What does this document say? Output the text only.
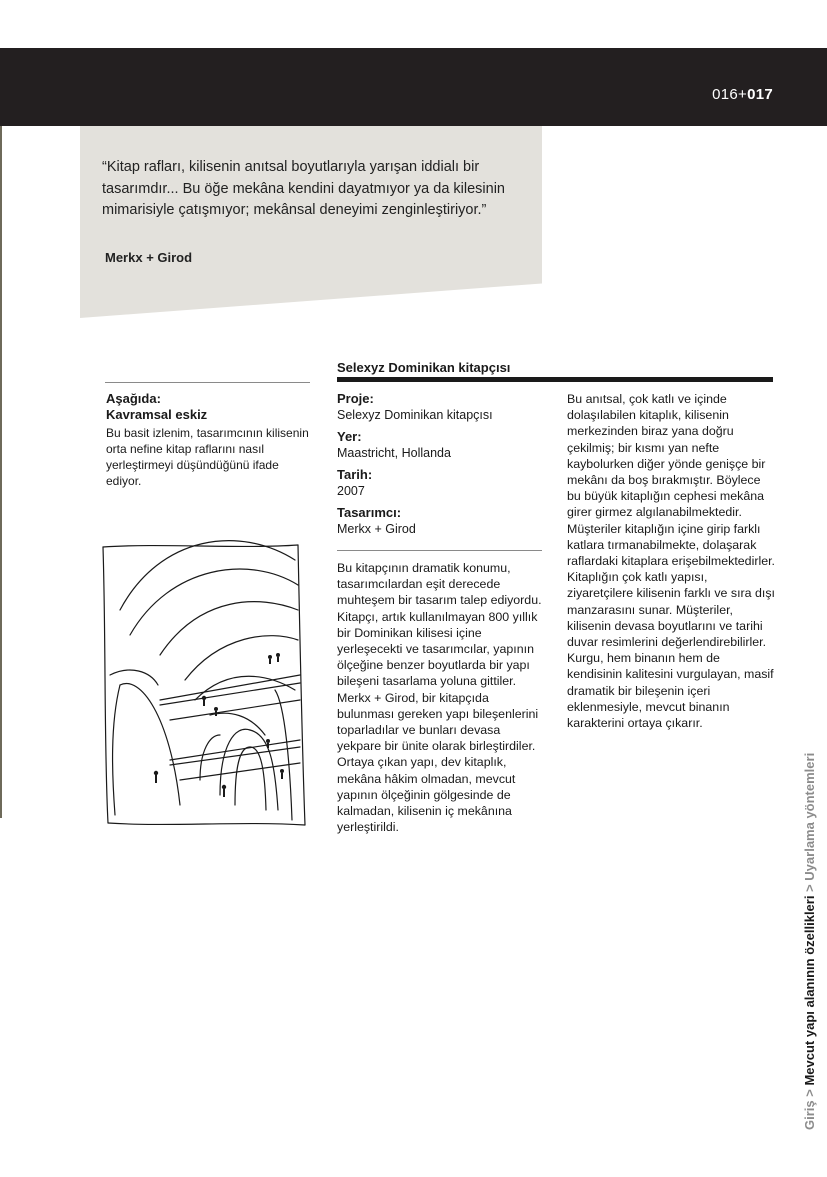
016+017
“Kitap rafları, kilisenin anıtsal boyutlarıyla yarışan iddialı bir tasarımdır... Bu öğe mekâna kendini dayatmıyor ya da kilesinin mimarisiyle çatışmıyor; mekânsal deneyimi zenginleştiriyor.”
Merkx + Girod
Selexyz Dominikan kitapçısı
Aşağıda:
Kavramsal eskiz
Bu basit izlenim, tasarımcının kilisenin orta nefine kitap raflarını nasıl yerleştirmeyi düşündüğünü ifade ediyor.
Proje:
Selexyz Dominikan kitapçısı
Yer:
Maastricht, Hollanda
Tarih:
2007
Tasarımcı:
Merkx + Girod
Bu kitapçının dramatik konumu, tasarımcılardan eşit derecede muhteşem bir tasarım talep ediyordu. Kitapçı, artık kullanılmayan 800 yıllık bir Dominikan kilisesi içine yerleşecekti ve tasarımcılar, yapının ölçeğine benzer boyutlarda bir yapı bileşeni tasarlama yoluna gittiler. Merkx + Girod, bir kitapçıda bulunması gereken yapı bileşenlerini toparladılar ve bunları devasa yekpare bir ünite olarak birleştirdiler. Ortaya çıkan yapı, dev kitaplık, mekâna hâkim olmadan, mevcut yapının ölçeğinin gölgesinde de kalmadan, kilisenin iç mekânına yerleştirildi.
Bu anıtsal, çok katlı ve içinde dolaşılabilen kitaplık, kilisenin merkezinden biraz yana doğru çekilmiş; bir kısmı yan nefte kaybolurken diğer yönde genişçe bir mekânı da boş bırakmıştır. Böylece bu büyük kitaplığın cephesi mekâna girer girmez algılanabilmektedir. Müşteriler kitaplığın içine girip farklı katlara tırmanabilmekte, dolaşarak raflardaki kitaplara erişebilmektedirler. Kitaplığın çok katlı yapısı, ziyaretçilere kilisenin farklı ve sıra dışı manzarasını sunar. Müşteriler, kilisenin devasa boyutlarını ve tarihi duvar resimlerini değerlendirebilirler. Kurgu, hem binanın hem de kendisinin kalitesini vurgulayan, masif dramatik bir bileşenin içeri eklenmesiyle, mevcut binanın karakterini ortaya çıkarır.
Giriş > Mevcut yapı alanının özellikleri > Uyarlama yöntemleri
